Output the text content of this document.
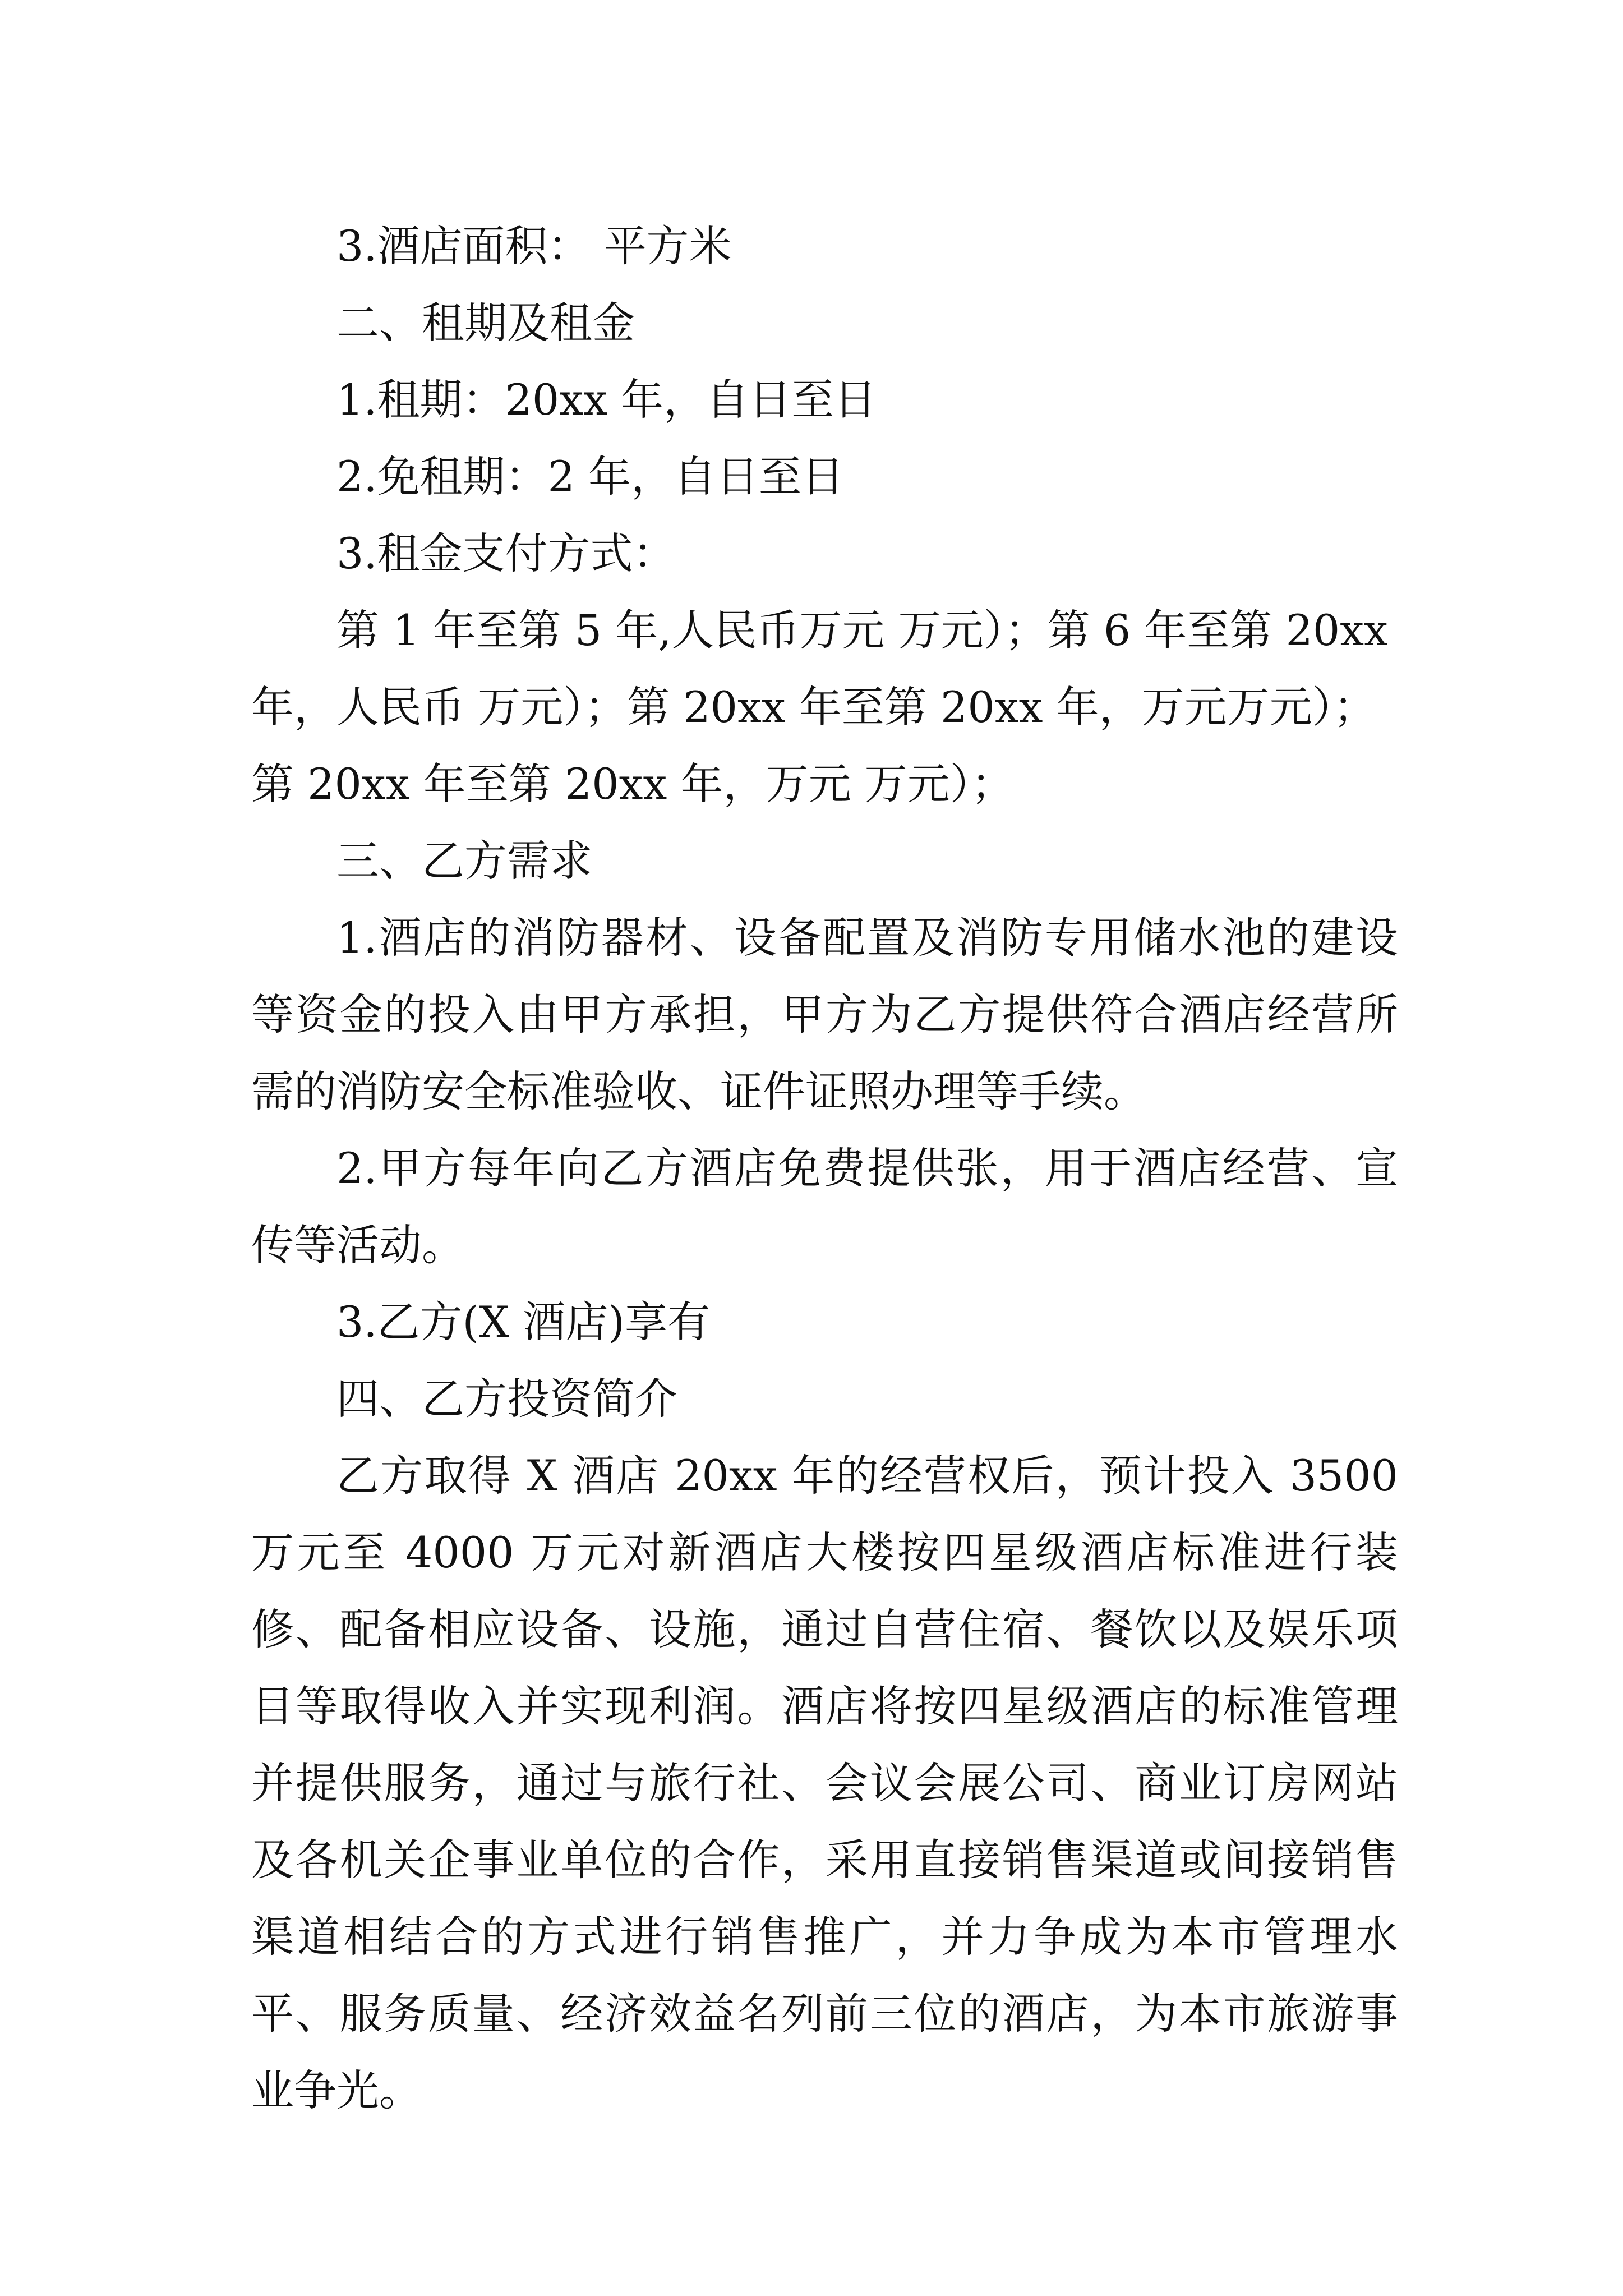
3.酒店面积： 平方米
二、租期及租金
1.租期：20xx 年，自日至日
2.免租期：2 年，自日至日
3.租金支付方式：

第 1 年至第 5 年,人民币万元 万元）；第 6 年至第 20xx 年，人民币 万元）；第 20xx 年至第 20xx 年，万元万元）；第 20xx 年至第 20xx 年，万元 万元）；

三、乙方需求

1.酒店的消防器材、设备配置及消防专用储水池的建设等资金的投入由甲方承担，甲方为乙方提供符合酒店经营所需的消防安全标准验收、证件证照办理等手续。

2.甲方每年向乙方酒店免费提供张，用于酒店经营、宣传等活动。

3.乙方(X 酒店)享有
四、乙方投资简介

乙方取得 X 酒店 20xx 年的经营权后，预计投入 3500 万元至 4000 万元对新酒店大楼按四星级酒店标准进行装修、配备相应设备、设施，通过自营住宿、餐饮以及娱乐项目等取得收入并实现利润。酒店将按四星级酒店的标准管理并提供服务，通过与旅行社、会议会展公司、商业订房网站及各机关企事业单位的合作，采用直接销售渠道或间接销售渠道相结合的方式进行销售推广，并力争成为本市管理水平、服务质量、经济效益名列前三位的酒店，为本市旅游事业争光。
